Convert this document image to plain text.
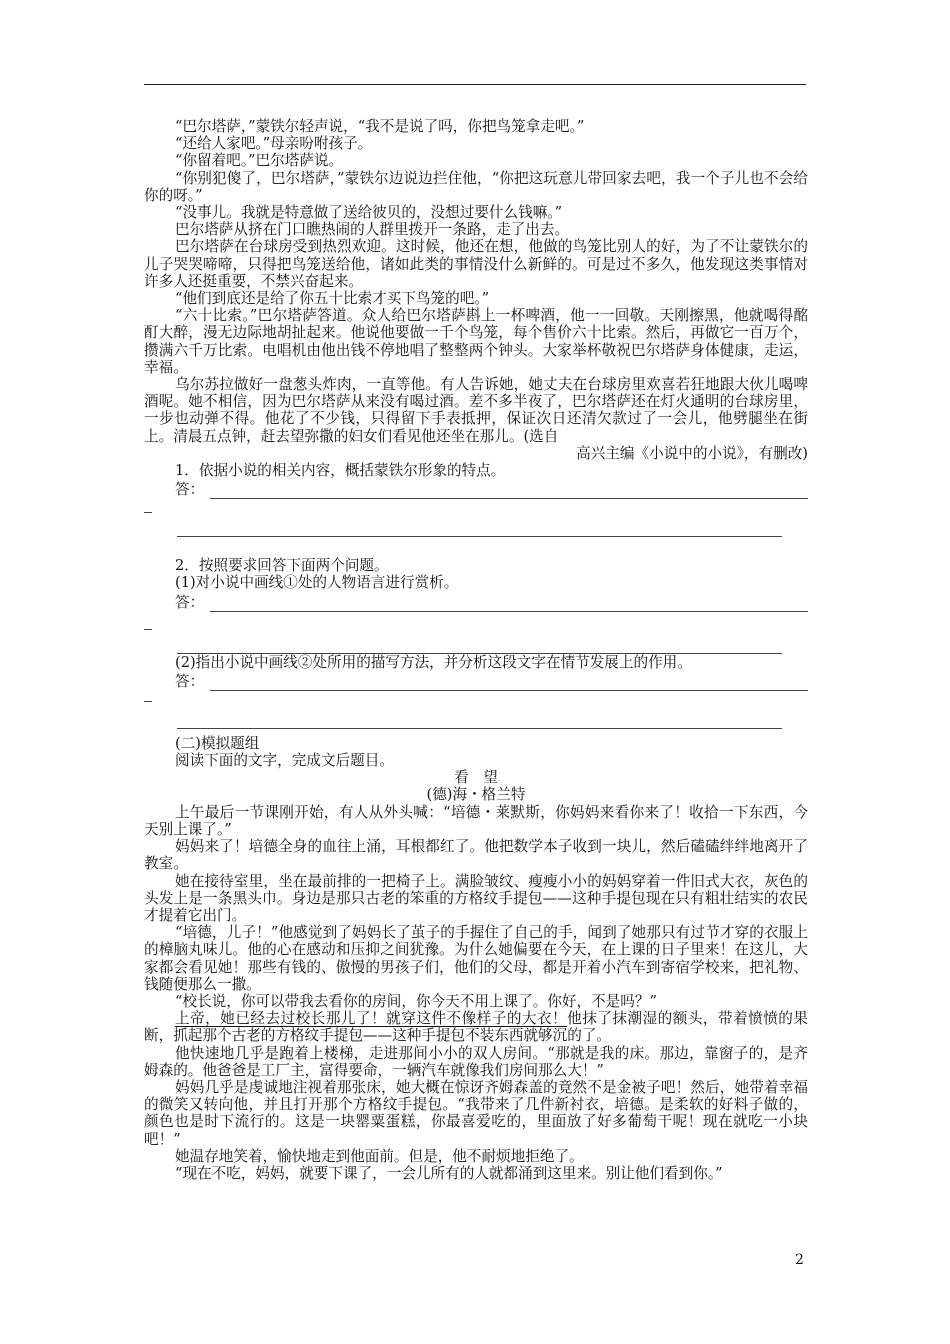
“巴尔塔萨，”蒙铁尔轻声说，“我不是说了吗，你把鸟笼拿走吧。”

“还给人家吧。”母亲吩咐孩子。

“你留着吧。”巴尔塔萨说。

“你别犯傻了，巴尔塔萨，”蒙铁尔边说边拦住他，“你把这玩意儿带回家去吧，我一个子儿也不会给你的呀。”

“没事儿。我就是特意做了送给彼贝的，没想过要什么钱嘛。”

巴尔塔萨从挤在门口瞧热闹的人群里拨开一条路，走了出去。

巴尔塔萨在台球房受到热烈欢迎。这时候，他还在想，他做的鸟笼比别人的好，为了不让蒙铁尔的儿子哭哭啼啼，只得把鸟笼送给他，诸如此类的事情没什么新鲜的。可是过不多久，他发现这类事情对许多人还挺重要，不禁兴奋起来。

“他们到底还是给了你五十比索才买下鸟笼的吧。”

“六十比索。”巴尔塔萨答道。众人给巴尔塔萨斟上一杯啤酒，他一一回敬。天刚擦黑，他就喝得酩酊大醉，漫无边际地胡扯起来。他说他要做一千个鸟笼，每个售价六十比索。然后，再做它一百万个，攒满六千万比索。电唱机由他出钱不停地唱了整整两个钟头。大家举杯敬祝巴尔塔萨身体健康，走运，幸福。

乌尔苏拉做好一盘葱头炸肉，一直等他。有人告诉她，她丈夫在台球房里欢喜若狂地跟大伙儿喝啤酒呢。她不相信，因为巴尔塔萨从来没有喝过酒。差不多半夜了，巴尔塔萨还在灯火通明的台球房里，一步也动弹不得。他花了不少钱，只得留下手表抵押，保证次日还清欠款过了一会儿，他劈腿坐在街上。清晨五点钟，赶去望弥撒的妇女们看见他还坐在那儿。(选自

高兴主编《小说中的小说》，有删改)

1．依据小说的相关内容，概括蒙铁尔形象的特点。

答：

2．按照要求回答下面两个问题。

(1)对小说中画线①处的人物语言进行赏析。

答：

(2)指出小说中画线②处所用的描写方法，并分析这段文字在情节发展上的作用。

答：

(二)模拟题组

阅读下面的文字，完成文后题目。

看　望

(德)海・格兰特

上午最后一节课刚开始，有人从外头喊：“培德・莱默斯，你妈妈来看你来了！收拾一下东西，今天别上课了。”

妈妈来了！培德全身的血往上涌，耳根都红了。他把数学本子收到一块儿，然后磕磕绊绊地离开了教室。

她在接待室里，坐在最前排的一把椅子上。满脸皱纹、瘦瘦小小的妈妈穿着一件旧式大衣，灰色的头发上是一条黑头巾。身边是那只古老的笨重的方格纹手提包——这种手提包现在只有粗壮结实的农民才提着它出门。

“培德，儿子！”他感觉到了妈妈长了茧子的手握住了自己的手，闻到了她那只有过节才穿的衣服上的樟脑丸味儿。他的心在感动和压抑之间犹豫。为什么她偏要在今天，在上课的日子里来！在这儿，大家都会看见她！那些有钱的、傲慢的男孩子们，他们的父母，都是开着小汽车到寄宿学校来，把礼物、钱随便那么一撒。

“校长说，你可以带我去看你的房间，你今天不用上课了。你好，不是吗？”

上帝，她已经去过校长那儿了！就穿这件不像样子的大衣！他抹了抹潮湿的额头，带着愤愤的果断，抓起那个古老的方格纹手提包——这种手提包不装东西就够沉的了。

他快速地几乎是跑着上楼梯，走进那间小小的双人房间。“那就是我的床。那边，靠窗子的，是齐姆森的。他爸爸是工厂主，富得要命，一辆汽车就像我们房间那么大！”

妈妈几乎是虔诚地注视着那张床，她大概在惊讶齐姆森盖的竟然不是金被子吧！然后，她带着幸福的微笑又转向他，并且打开那个方格纹手提包。“我带来了几件新衬衣，培德。是柔软的好料子做的，颜色也是时下流行的。这是一块罂粟蛋糕，你最喜爱吃的，里面放了好多葡萄干呢！现在就吃一小块吧！”

她温存地笑着，愉快地走到他面前。但是，他不耐烦地拒绝了。

“现在不吃，妈妈，就要下课了，一会儿所有的人就都涌到这里来。别让他们看到你。”

2
